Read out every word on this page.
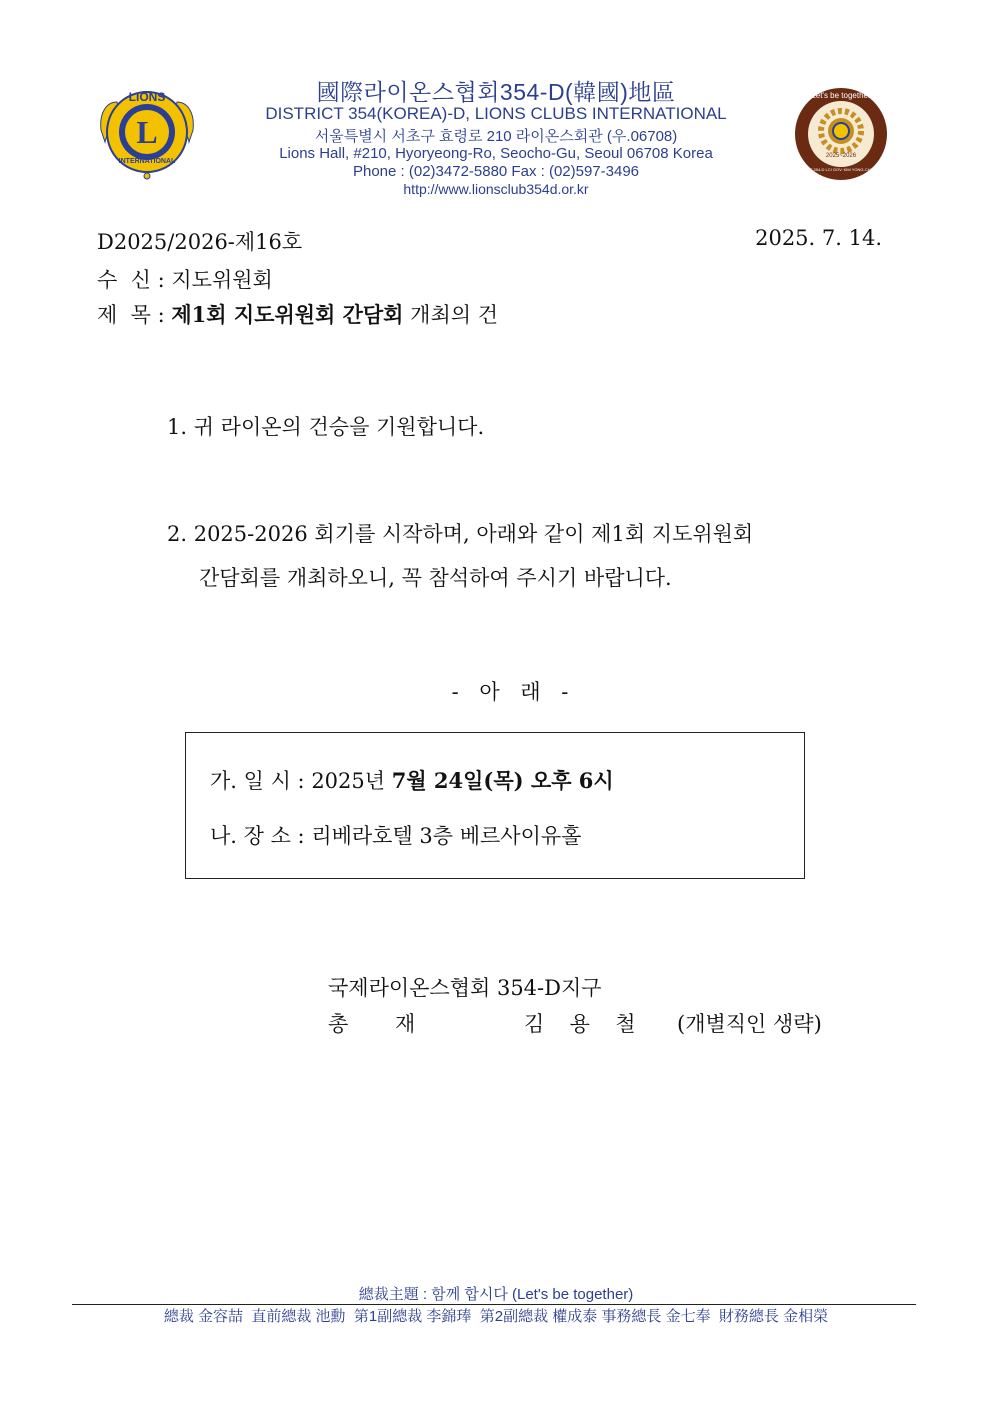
LIONS
L
INTERNATIONAL
Let's be together
2025~2026
DIST 354-D LCI GOV. KIM YONG-CHEOL
國際라이온스협회354-D(韓國)地區
DISTRICT 354(KOREA)-D, LIONS CLUBS INTERNATIONAL
서울특별시 서초구 효령로 210 라이온스회관 (우.06708)
Lions Hall, #210, Hyoryeong-Ro, Seocho-Gu, Seoul 06708 Korea
Phone : (02)3472-5880 Fax : (02)597-3496
http://www.lionsclub354d.or.kr
D2025/2026-제16호	2025. 7. 14.
수  신 : 지도위원회
제  목 : 제1회 지도위원회 간담회 개최의 건
1. 귀 라이온의 건승을 기원합니다.
2. 2025-2026 회기를 시작하며, 아래와 같이 제1회 지도위원회
간담회를 개최하오니, 꼭 참석하여 주시기 바랍니다.
- 아 래 -
가. 일 시 : 2025년 7월 24일(목) 오후 6시
나. 장 소 : 리베라호텔 3층 베르사이유홀
국제라이온스협회 354-D지구
총       재	김  용  철 (개별직인 생략)
總裁主題 : 함께 합시다 (Let's be together)
總裁 金容喆  直前總裁 池勳  第1副總裁 李錦琫  第2副總裁 權成泰 事務總長 金七奉  財務總長 金相榮
